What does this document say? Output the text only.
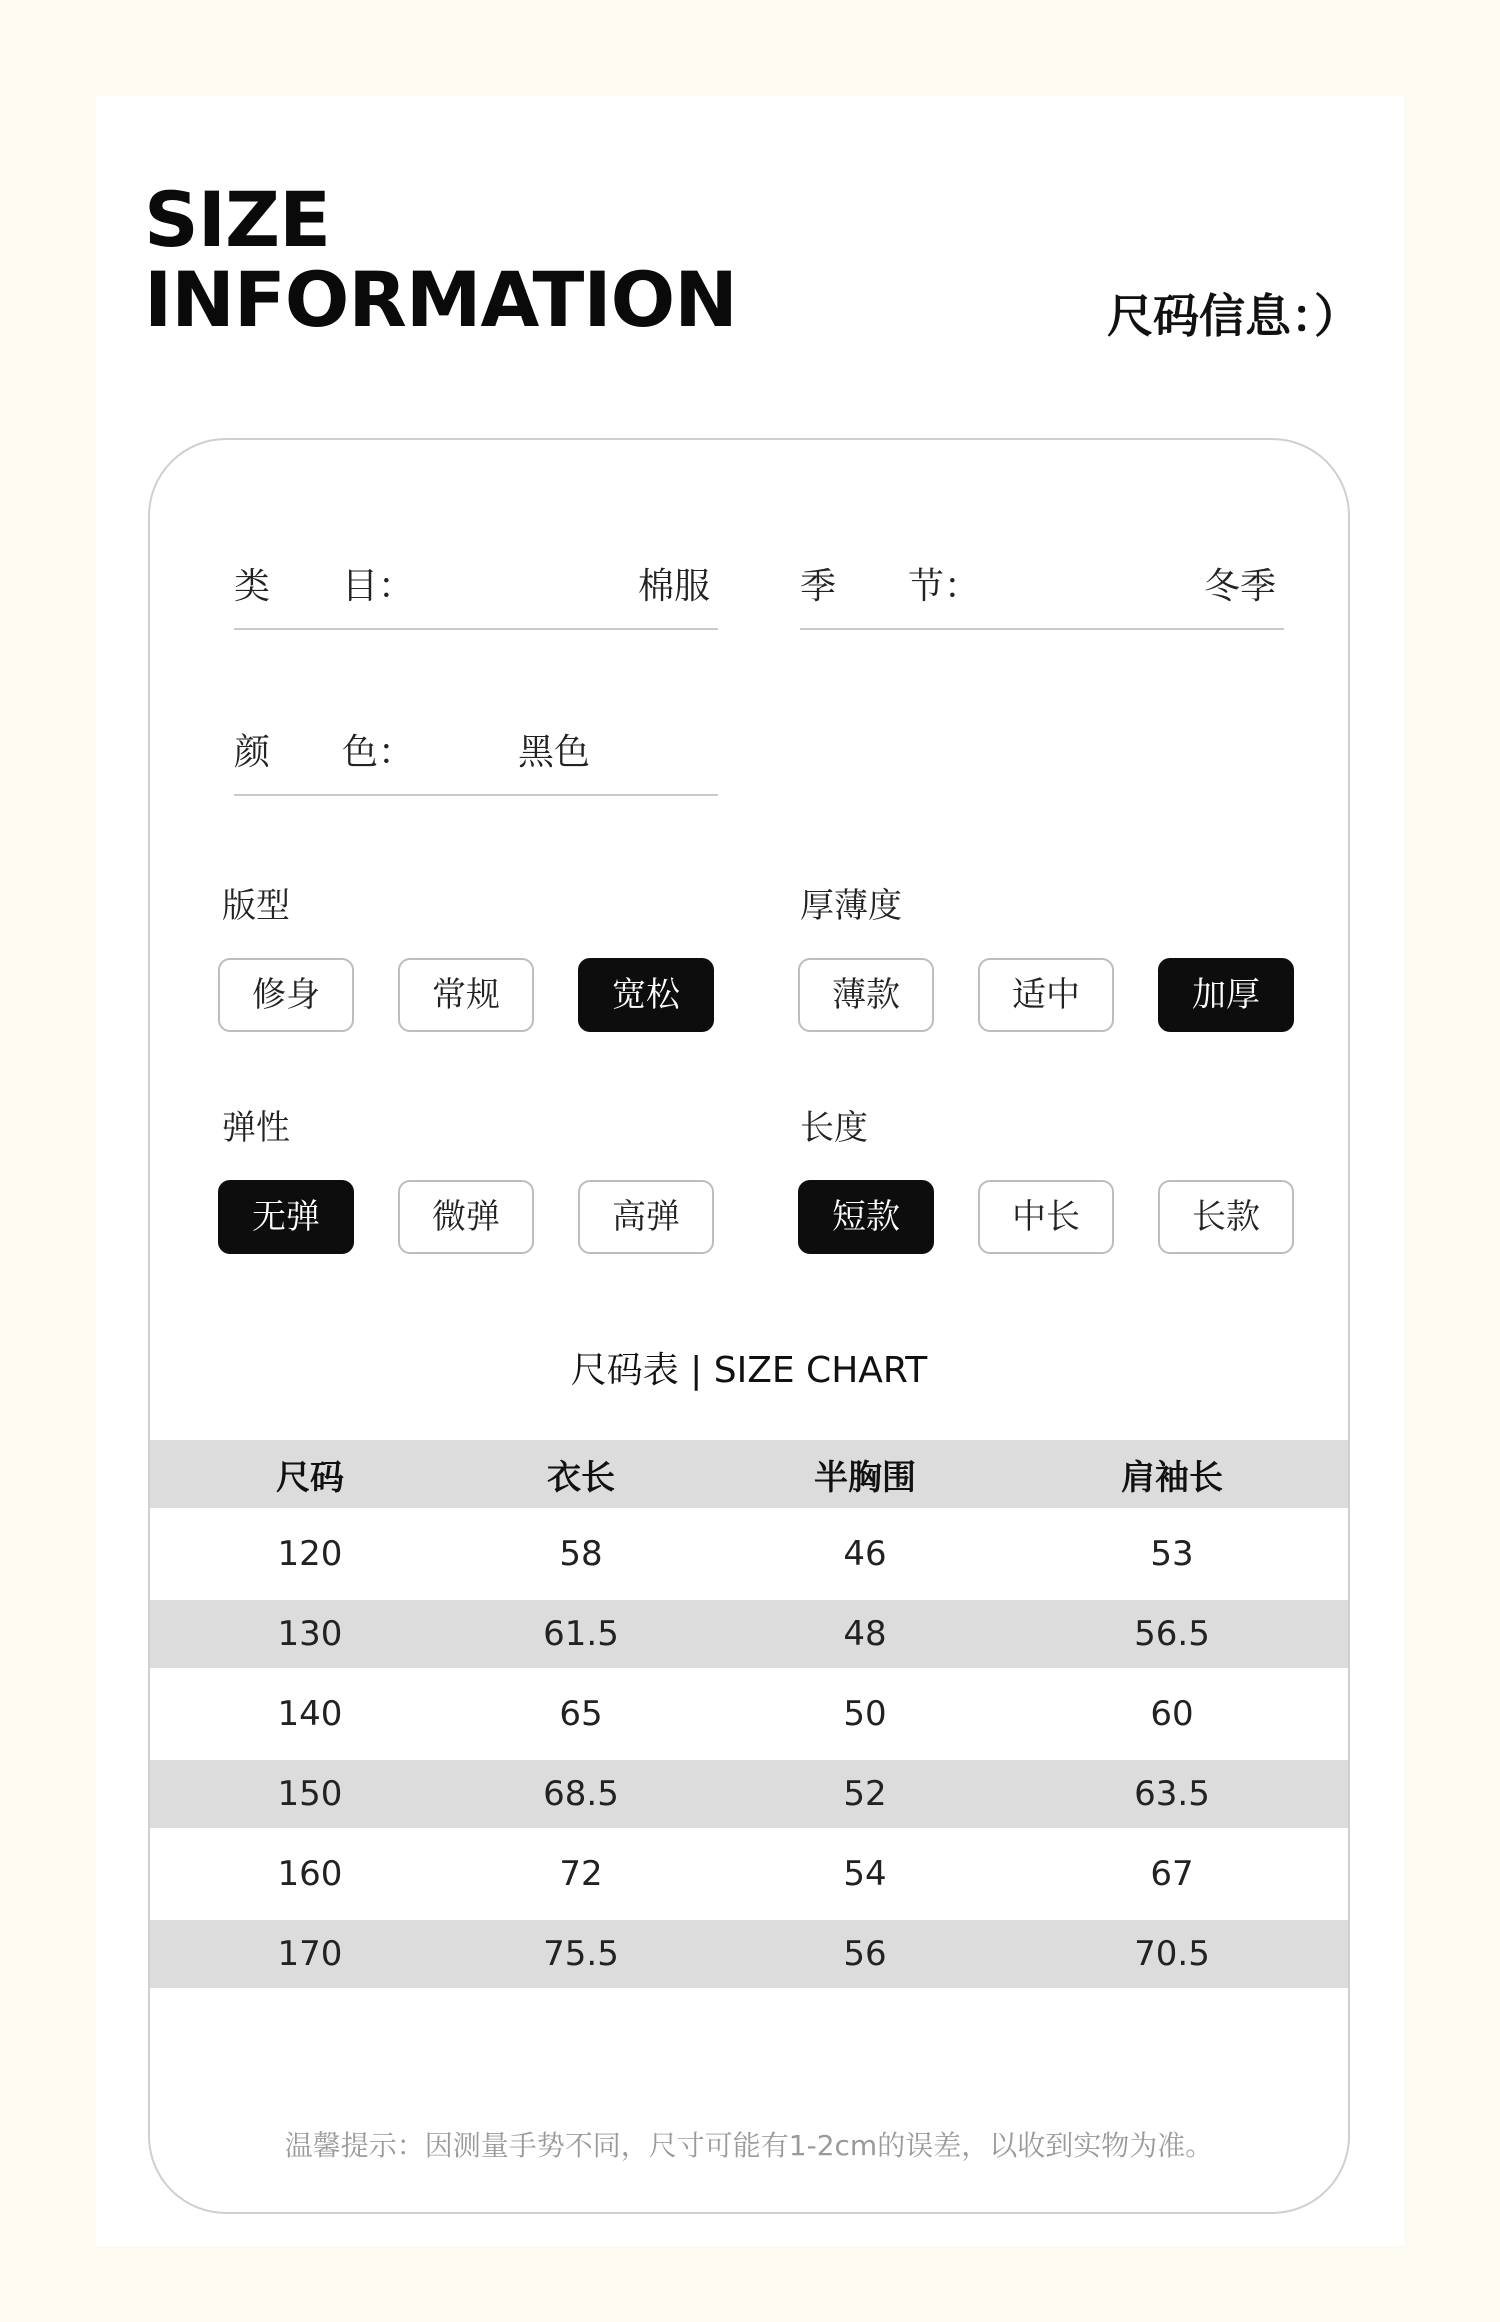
SIZE
INFORMATION	尺码信息：）
类　　目：	棉服	季　　节：	冬季
颜　　色：	黑色
版型	厚薄度
弹性	长度
修身	常规	宽松	薄款	适中	加厚
无弹	微弹	高弹	短款	中长	长款
尺码表 | SIZE CHART
尺码	衣长	半胸围	肩袖长
120	58	46	53
130	61.5	48	56.5
140	65	50	60
150	68.5	52	63.5
160	72	54	67
170	75.5	56	70.5
温馨提示：因测量手势不同，尺寸可能有1-2cm的误差，以收到实物为准。
